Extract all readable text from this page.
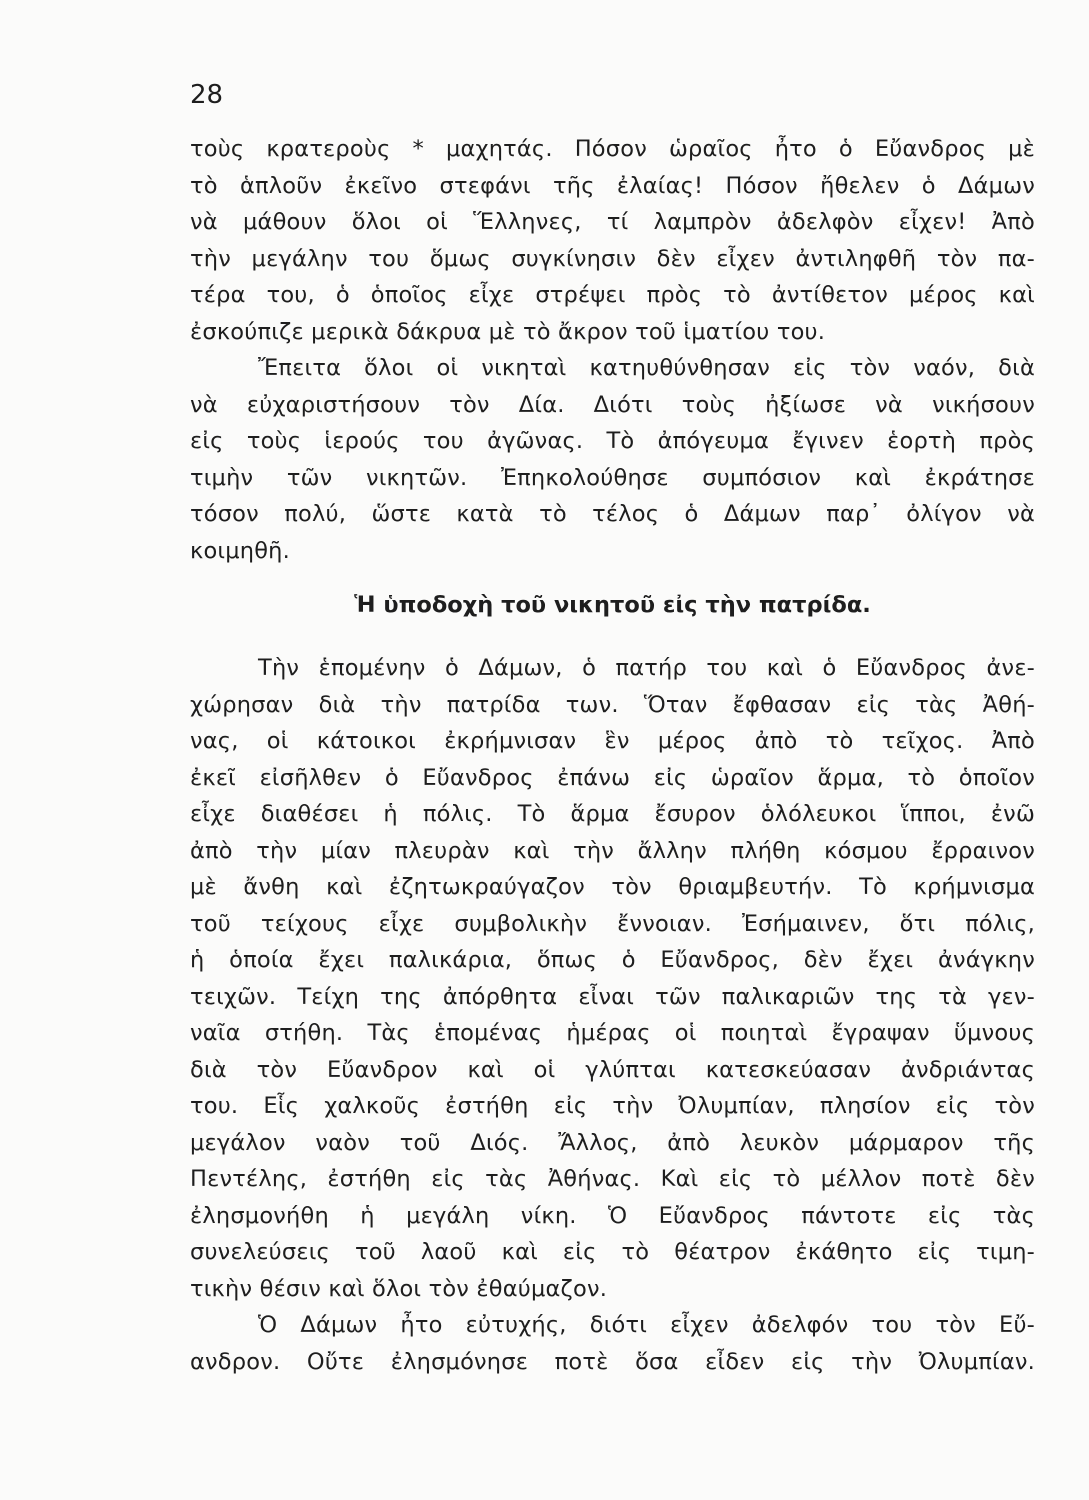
28
τοὺς κρατεροὺς * μαχητάς. Πόσον ὡραῖος ἦτο ὁ Εὔανδρος μὲ
τὸ ἁπλοῦν ἐκεῖνο στεφάνι τῆς ἐλαίας! Πόσον ἤθελεν ὁ Δάμων
νὰ μάθουν ὅλοι οἱ Ἕλληνες, τί λαμπρὸν ἀδελφὸν εἶχεν! Ἀπὸ
τὴν μεγάλην του ὅμως συγκίνησιν δὲν εἶχεν ἀντιληφθῆ τὸν πα-
τέρα του, ὁ ὁποῖος εἶχε στρέψει πρὸς τὸ ἀντίθετον μέρος καὶ
ἐσκούπιζε μερικὰ δάκρυα μὲ τὸ ἄκρον τοῦ ἱματίου του.
Ἔπειτα ὅλοι οἱ νικηταὶ κατηυθύνθησαν εἰς τὸν ναόν, διὰ
νὰ εὐχαριστήσουν τὸν Δία. Διότι τοὺς ἠξίωσε νὰ νικήσουν
εἰς τοὺς ἱερούς του ἀγῶνας. Τὸ ἀπόγευμα ἔγινεν ἑορτὴ πρὸς
τιμὴν τῶν νικητῶν. Ἐπηκολούθησε συμπόσιον καὶ ἐκράτησε
τόσον πολύ, ὥστε κατὰ τὸ τέλος ὁ Δάμων παρ᾿ ὀλίγον νὰ
κοιμηθῆ.
Ἡ ὑποδοχὴ τοῦ νικητοῦ εἰς τὴν πατρίδα.
Τὴν ἑπομένην ὁ Δάμων, ὁ πατήρ του καὶ ὁ Εὔανδρος ἀνε-
χώρησαν διὰ τὴν πατρίδα των. Ὅταν ἔφθασαν εἰς τὰς Ἀθή-
νας, οἱ κάτοικοι ἐκρήμνισαν ἓν μέρος ἀπὸ τὸ τεῖχος. Ἀπὸ
ἐκεῖ εἰσῆλθεν ὁ Εὔανδρος ἐπάνω εἰς ὡραῖον ἅρμα, τὸ ὁποῖον
εἶχε διαθέσει ἡ πόλις. Τὸ ἅρμα ἔσυρον ὁλόλευκοι ἵπποι, ἐνῶ
ἀπὸ τὴν μίαν πλευρὰν καὶ τὴν ἄλλην πλήθη κόσμου ἔρραινον
μὲ ἄνθη καὶ ἐζητωκραύγαζον τὸν θριαμβευτήν. Τὸ κρήμνισμα
τοῦ τείχους εἶχε συμβολικὴν ἔννοιαν. Ἐσήμαινεν, ὅτι πόλις,
ἡ ὁποία ἔχει παλικάρια, ὅπως ὁ Εὔανδρος, δὲν ἔχει ἀνάγκην
τειχῶν. Τείχη της ἀπόρθητα εἶναι τῶν παλικαριῶν της τὰ γεν-
ναῖα στήθη. Τὰς ἑπομένας ἡμέρας οἱ ποιηταὶ ἔγραψαν ὕμνους
διὰ τὸν Εὔανδρον καὶ οἱ γλύπται κατεσκεύασαν ἀνδριάντας
του. Εἷς χαλκοῦς ἐστήθη εἰς τὴν Ὀλυμπίαν, πλησίον εἰς τὸν
μεγάλον ναὸν τοῦ Διός. Ἄλλος, ἀπὸ λευκὸν μάρμαρον τῆς
Πεντέλης, ἐστήθη εἰς τὰς Ἀθήνας. Καὶ εἰς τὸ μέλλον ποτὲ δὲν
ἐλησμονήθη ἡ μεγάλη νίκη. Ὁ Εὔανδρος πάντοτε εἰς τὰς
συνελεύσεις τοῦ λαοῦ καὶ εἰς τὸ θέατρον ἐκάθητο εἰς τιμη-
τικὴν θέσιν καὶ ὅλοι τὸν ἐθαύμαζον.
Ὁ Δάμων ἦτο εὐτυχής, διότι εἶχεν ἀδελφόν του τὸν Εὔ-
ανδρον. Οὔτε ἐλησμόνησε ποτὲ ὅσα εἶδεν εἰς τὴν Ὀλυμπίαν.
